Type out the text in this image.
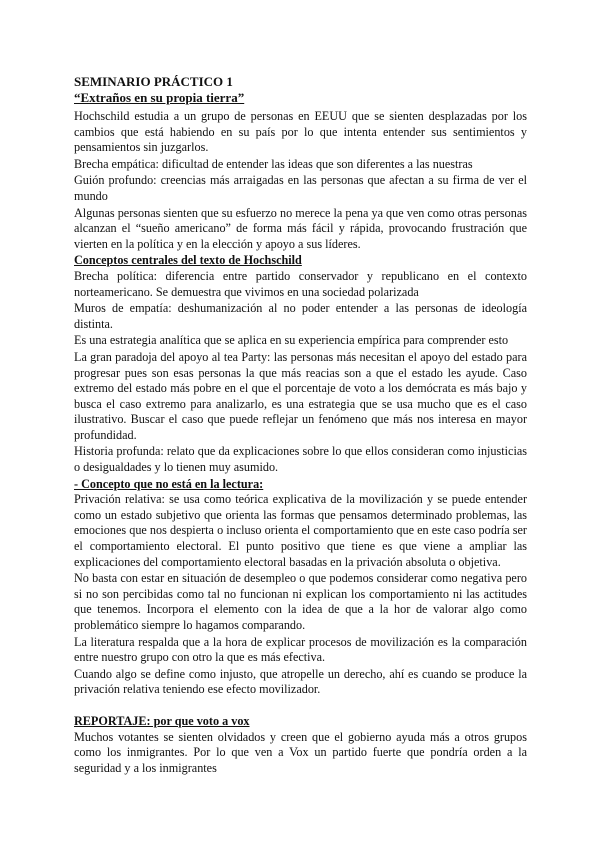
SEMINARIO PRÁCTICO 1
“Extraños en su propia tierra”

Hochschild estudia a un grupo de personas en EEUU que se sienten desplazadas por los cambios que está habiendo en su país por lo que intenta entender sus sentimientos y pensamientos sin juzgarlos.

Brecha empática: dificultad de entender las ideas que son diferentes a las nuestras

Guión profundo: creencias más arraigadas en las personas que afectan a su firma de ver el mundo

Algunas personas sienten que su esfuerzo no merece la pena ya que ven como otras personas alcanzan el “sueño americano” de forma más fácil y rápida, provocando frustración que vierten en la política y en la elección y apoyo a sus líderes.

Conceptos centrales del texto de Hochschild

Brecha política: diferencia entre partido conservador y republicano en el contexto norteamericano. Se demuestra que vivimos en una sociedad polarizada

Muros de empatía: deshumanización al no poder entender a las personas de ideología distinta.

Es una estrategia analítica que se aplica en su experiencia empírica para comprender esto

La gran paradoja del apoyo al tea Party: las personas más necesitan el apoyo del estado para progresar pues son esas personas la que más reacias son a que el estado les ayude. Caso extremo del estado más pobre en el que el porcentaje de voto a los demócrata es más bajo y busca el caso extremo para analizarlo, es una estrategia que se usa mucho que es el caso ilustrativo. Buscar el caso que puede reflejar un fenómeno que más nos interesa en mayor profundidad.

Historia profunda: relato que da explicaciones sobre lo que ellos consideran como injusticias o desigualdades y lo tienen muy asumido.

- Concepto que no está en la lectura:

Privación relativa: se usa como teórica explicativa de la movilización y se puede entender como un estado subjetivo que orienta las formas que pensamos determinado problemas, las emociones que nos despierta o incluso orienta el comportamiento que en este caso podría ser el comportamiento electoral. El punto positivo que tiene es que viene a ampliar las explicaciones del comportamiento electoral basadas en la privación absoluta o objetiva.

No basta con estar en situación de desempleo o que podemos considerar como negativa pero si no son percibidas como tal no funcionan ni explican los comportamiento ni las actitudes que tenemos. Incorpora el elemento con la idea de que a la hor de valorar algo como problemático siempre lo hagamos comparando.

La literatura respalda que a la hora de explicar procesos de movilización es la comparación entre nuestro grupo con otro la que es más efectiva.

Cuando algo se define como injusto, que atropelle un derecho, ahí es cuando se produce la privación relativa teniendo ese efecto movilizador.

REPORTAJE: por que voto a vox

Muchos votantes se sienten olvidados y creen que el gobierno ayuda más a otros grupos como los inmigrantes. Por lo que ven a Vox un partido fuerte que pondría orden a la seguridad y a los inmigrantes
